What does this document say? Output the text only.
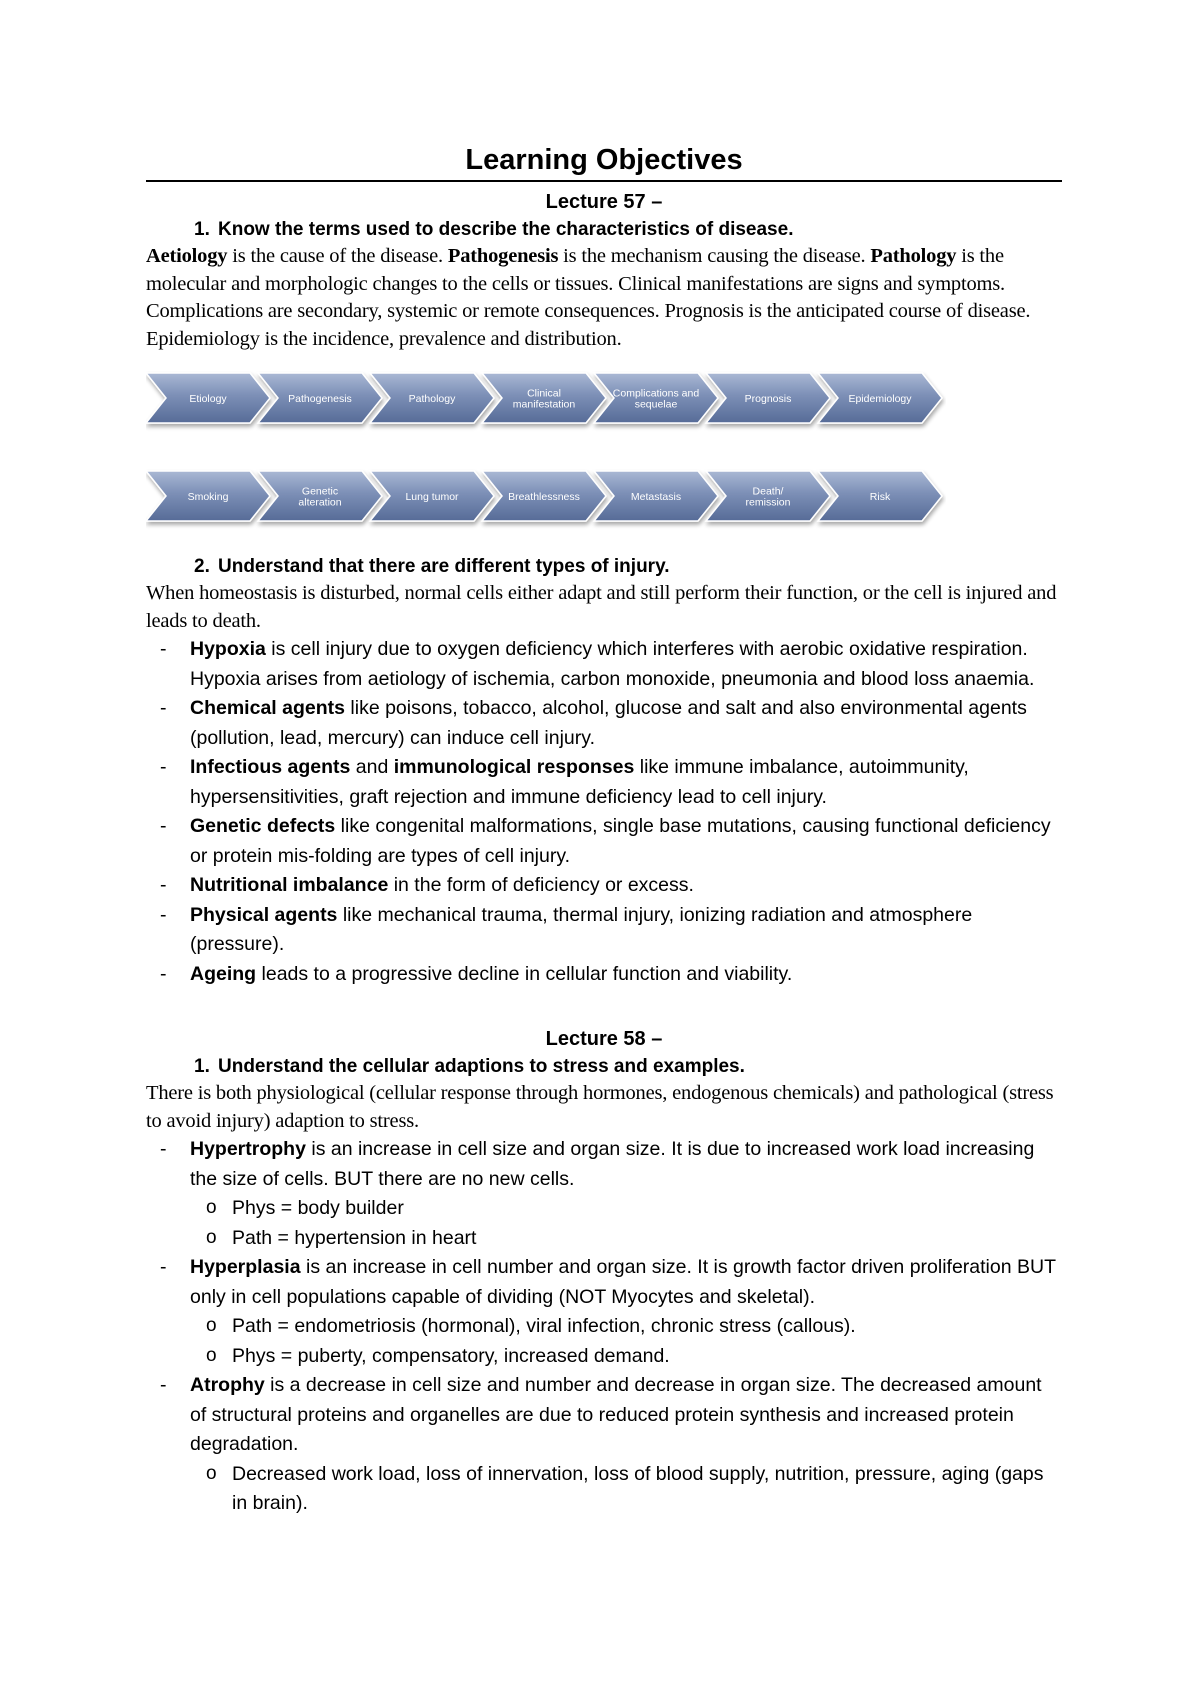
Learning Objectives

Lecture 57 –

1. Know the terms used to describe the characteristics of disease.

Aetiology is the cause of the disease. Pathogenesis is the mechanism causing the disease. Pathology is the molecular and morphologic changes to the cells or tissues. Clinical manifestations are signs and symptoms. Complications are secondary, systemic or remote consequences. Prognosis is the anticipated course of disease. Epidemiology is the incidence, prevalence and distribution.

Etiology	Pathogenesis	Pathology	Clinical manifestation
Complications and sequelae	Prognosis	Epidemiology
Smoking	Genetic alteration	Lung tumor	Breathlessness	Metastasis	Death/ remission	Risk

2. Understand that there are different types of injury.

When homeostasis is disturbed, normal cells either adapt and still perform their function, or the cell is injured and leads to death.

- Hypoxia is cell injury due to oxygen deficiency which interferes with aerobic oxidative respiration. Hypoxia arises from aetiology of ischemia, carbon monoxide, pneumonia and blood loss anaemia.
- Chemical agents like poisons, tobacco, alcohol, glucose and salt and also environmental agents (pollution, lead, mercury) can induce cell injury.
- Infectious agents and immunological responses like immune imbalance, autoimmunity, hypersensitivities, graft rejection and immune deficiency lead to cell injury.
- Genetic defects like congenital malformations, single base mutations, causing functional deficiency or protein mis-folding are types of cell injury.
- Nutritional imbalance in the form of deficiency or excess.
- Physical agents like mechanical trauma, thermal injury, ionizing radiation and atmosphere (pressure).
- Ageing leads to a progressive decline in cellular function and viability.

Lecture 58 –

1. Understand the cellular adaptions to stress and examples.

There is both physiological (cellular response through hormones, endogenous chemicals) and pathological (stress to avoid injury) adaption to stress.

- Hypertrophy is an increase in cell size and organ size. It is due to increased work load increasing the size of cells. BUT there are no new cells.
o Phys = body builder
o Path = hypertension in heart
- Hyperplasia is an increase in cell number and organ size. It is growth factor driven proliferation BUT only in cell populations capable of dividing (NOT Myocytes and skeletal).
o Path = endometriosis (hormonal), viral infection, chronic stress (callous).
o Phys = puberty, compensatory, increased demand.
- Atrophy is a decrease in cell size and number and decrease in organ size. The decreased amount of structural proteins and organelles are due to reduced protein synthesis and increased protein degradation.
o Decreased work load, loss of innervation, loss of blood supply, nutrition, pressure, aging (gaps in brain).
